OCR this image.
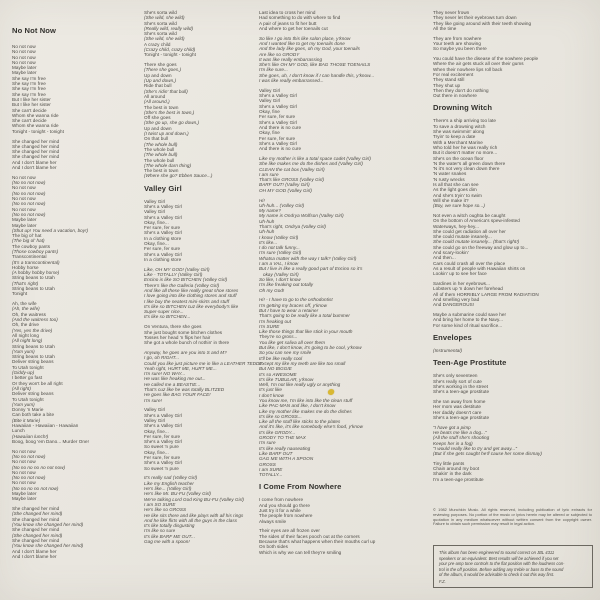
No Not Now
No not now
No not now
No not now
No not now
Maybe later
Maybe later
She say I'm free
She say I'm free
She say I'm free
She say I'm free
But I like her sister
But I like her sister
She can't decide
Whom she wanna ride
She can't decide
Whom she wanna ride
Tonight - tonight - tonight
She changed her mind
She changed her mind
She changed her mind
She changed her mind
And I don't blame her
And I don't blame her
No not now
(No no not now)
No not now
(No no not now)
No not now
(No no not now)
No not now
(No no not now)
Maybe later
Maybe later
(Shut up! You need a vacation, boy!)
The big ol' hat
(The big ol' hat)
The cowboy pants
(Those cowboy pants)
Transcontinental
(It's a transcontinental)
Hobby horse
(A hobby hobby horse)
String beans to Utah
(That's right)
String beans to Utah
Tonight
Ah, the wife
(Ah, the wife)
Oh, the waitress
(And the waitress too)
Oh, the drive
(Yes, yes the drive)
All night long
(All night long)
String beans to Utah
(Yum yum)
String beans to Utah
Deliver string beans
To Utah tonight
(Giddy-up)
I better go fast
Or they won't be all right
(All right)
Deliver string beans
To Utah tonight
(Yum yum)
Donny 'n Marie
Can both take a bite
(Bite it Marie)
Hawaiian - Hawaiian - Hawaiian
Lunch
(Hawaiian lunch!)
Boog, boog 'em Dano... Murder One!
No not now
(No no not now)
No not now
(No no no no no not now)
No not now
(No no not now)
No not now
(No no no no not now)
Maybe later
Maybe later
She changed her mind
(She changed her mind)
She changed her mind
(You know she changed her mind)
She changed her mind
(She changed her mind)
She changed her mind
(You know she changed her mind)
And I don't blame her
And I don't blame her
She's sorta wild
(She wild, she wild)
She's sorta wild
(Really wild, really wild)
She's sorta wild
(She wild, she wild)
A crazy child
(Crazy child, crazy child)
Tonight - tonight - tonight
There she goes
(There she goes,)
Up and down
(Up and down,)
Ride that bull
(She's ridin' that bull)
All around
(All around,)
The best in town
(She's the best in town,)
Off she goes
(She go up, she go down,)
Up and down
(I twist up and down,)
On that bull
(The whole bull)
The whole bull
(The whole bull)
The whole bull
(The whole darn thing)
The best in town
(Where she go? Ebben Sauce...)
Valley Girl
Valley Girl
She's a Valley Girl
Valley Girl
She's a Valley Girl
Okay, fine...
Fer sure, fer sure
She's a Valley Girl
In a clothing store
Okay, fine...
Fer sure, fer sure
She's a Valley Girl
In a clothing store
Like, OH MY GOD! (Valley Girl)
Like - TOTALLY (Valley Girl)
Encino is like SO BITCHEN (Valley Girl)
There's like the Galleria (Valley Girl)
And like all these like really great shoe stores
I love going into like clothing stores and stuff
I like buy the neatest mini-skirts and stuff
It's like so BITCHEN cuz like everybody's like
Super-super nice...
It's like so BITCHEN...
On Ventura, there she goes
She just bought some bitchen clothes
Tosses her head 'n flips her hair
She got a whole bunch of nothin' in there
Anyway, he goes are you into S and M?
I go, oh RIGHT...
Could you like just picture me in like a LEATHER TEDDY
Yeah right, HURT ME, HURT ME...
I'm sure! NO WAY...
He was like freaking me out...
He called me a BEASTIE...
That's cuz like he was totally BLITZED
He goes like BAG YOUR FACE!
I'm sure!
Valley Girl
She's a Valley Girl
Valley Girl
She's a Valley Girl
Okay, fine...
Fer sure, fer sure
She's a Valley Girl
So sweet 'n pure
Okay, fine...
Fer sure, fer sure
She's a Valley Girl
So sweet 'n pure
It's really sad (Valley Girl)
Like my English teacher
He's like... (Valley Girl)
He's like Mr. BU-FU (Valley Girl)
We're talking Lord God King BU-FU (Valley Girl)
I am SO SURE
He's like so GROSS
He like sits there and like plays with all his rings
And he like flirts with all the guys in the class
It's like totally disgusting
I'm like so sure
It's like BARF ME OUT...
Gag me with a spoon!
Last idea to cross her mind
Had something to do with where to find
A pair of jeans to fit her butt
And where to get her toenails cut
So like I go into this like salon place, y'know
And I wanted like to get my toenails done
And the lady like goes, oh my God, your toenails
Are like so GRODY
It was like really embarrassing
She's like OH MY GOD, like BAG THOSE TOENAILS
I'm like sure...
She goes, uh, I don't know if I can handle this, y'know...
I was like really embarrassed...
Valley Girl
She's a Valley Girl
Valley Girl
She's a Valley Girl
Okay, fine
Fer sure, fer sure
She's a Valley Girl
And there is no cure
Okay, fine
Fer sure, fer sure
She's a Valley Girl
And there is no cure
Like my mother is like a total space cadet (Valley Girl)
She like makes me do the dishes and (Valley Girl)
CLEAN the cat box (Valley Girl)
I am sure
That's like GROSS (Valley Girl)
BARF OUT! (Valley Girl)
OH MY GOD (Valley Girl)
Hi!
Uh-huh... (Valley Girl)
My name?
My name is Ondrya Wolfson (Valley Girl)
Uh-huh
That's right, Ondrya (Valley Girl)
Uh-huh
I know (Valley Girl)
It's like...
I do not talk funny...
I'm sure (Valley Girl)
Whatsa matter with the way I talk? (Valley Girl)
I am a VAL, I know
But I live in like a really good part of Encino so it's
okay (Valley Girl)
So like, I don't know
I'm like freaking out totally
Oh my God!
Hi! - I have to go to the orthodontist
I'm getting my braces off, y'know
But I have to wear a retainer
That's going to be really like a total bummer
I'm freaking out
I'm SURE
Like those things that like stick in your mouth
They're so gross...
You like get saliva all over them
But like, I don't know, it's going to be cool, y'know
So you can see my smile
It'll be like really cool
Except my like my teeth are like too small
But NO BIGGIE
It's so AWESOME
It's like TUBULAR, y'know
Well, I'm not like really ugly or anything
It's just like
I don't know
You know me, I'm like into like the clean stuff
Like PAC-MAN and like, I don't know
Like my mother like makes me do the dishes
It's like so GROSS...
Like all the stuff like sticks to the plates
And it's like, it's like somebody else's food, y'know
It's like GRODY...
GRODY TO THE MAX
I'm sure
It's like really nauseating
Like BARF OUT
GAG ME WITH A SPOON
GROSS
I am SURE
TOTALLY...
I Come From Nowhere
I come from nowhere
And you should go there
Just try it for a while
The people from nowhere
Always smile
Their eyes are all frozen over
The sides of their faces pooch out at the corners
Because that's what happens when their mouths curl up
On both sides
Which is why we can tell they're smiling
They never frown
They never let their eyebrows turn down
They like going around with their teeth showing
All the time
They are from nowhere
Your teeth are showing
So maybe you been there
You could have the disease of the nowhere people
Where the air gets stuck all over their gums
When their nowhere lips roll back
For real excitement
They stand still
They shut up
Then they don't do nothing
Out there in nowhere
Drowning Witch
There's a ship arriving too late
To save a drowning witch
She was swimmin' along
Tryin' to keep a date
With a Merchant Marine
Who told her he was really rich
But it doesn't matter no more...
She's on the ocean floor
'N the water's all green down there
'N it's not very clean down there
'N water snakes
'N rusty wrecks
Is all that she can see
As the light goes dim
And she's tryin' to swim
Will she make it?
(Boy, we sure hope so...)
Not even a witch oughta be caught
On the bottom of America's spew-infested
Waterways, hey-hey...
She could get radiation all over her
She could mutate insanely...
She could mutate insanely... (that's right!)
She could go on the freeway and glow up to...
And scary-lookin'
And then...
Cars could crash all over the place
As a result of people with Hawaiian shirts on
Lookin' up to see her face
Sardines in her eyebrows...
Lobsters up 'n down her forehead
All of them HORRIBLY LARGE FROM RADIATION
And smelling very bad
And DANGEROUS!
Maybe a submarine could save her
And bring her home to the Navy...
For some kind of ritual sacrifice...
Envelopes
(Instrumental)
Teen-Age Prostitute
She's only seventeen
She's really sort of cute
She's working in the street
She's a teen-age prostitute
She ran away from home
Her mom was destitute
Her daddy doesn't care
She's a teen-age prostitute
"I have got a pimp
He beats me like a dog..."
(All the stuff she's shooting
Keeps her in a fog)
"I would really like to try and get away..."
(But if she gets caught he'll cause her some dismay)
Tiny little pants
Chain around my boot
Shakin' in the dark
I'm a teen-age prostitute
© 1982 Munchkin Music. All rights reserved, including publication of lyric extracts for reviewing purposes. No portion of the music or lyrics herein may be altered or subjected to quotation in any medium whatsoever without written consent from the copyright owner. Failure to obtain such permission may result in legal action.
This album has been engineered to sound correct on JBL 4311
speakers or an equivalent. Best results will be achieved if you set
your pre-amp tone controls to the flat position with the loudness con-
trol in the off position. Before adding any treble or bass to the sound
of the album, it would be advisable to check it out this way first.
F.Z.
